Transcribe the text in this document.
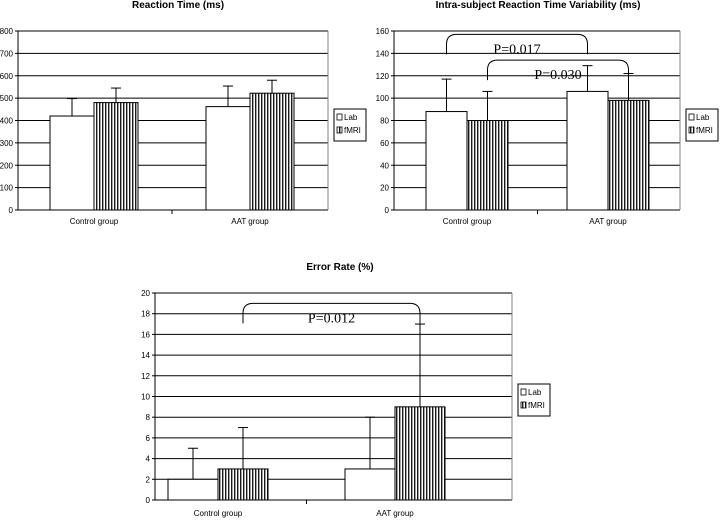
Reaction Time (ms)
0
100
200
300
400
500
600
700
800
Control group	AAT group
Lab
fMRI
Intra-subject Reaction Time Variability (ms)
0
20
40
60
80
100
120
140
160
Control group	AAT group
P=0.017
P=0.030
Lab
fMRI
Error Rate (%)
0
2
4
6
8
10
12
14
16
18
20
Control group	AAT group
P=0.012
Lab
fMRI
